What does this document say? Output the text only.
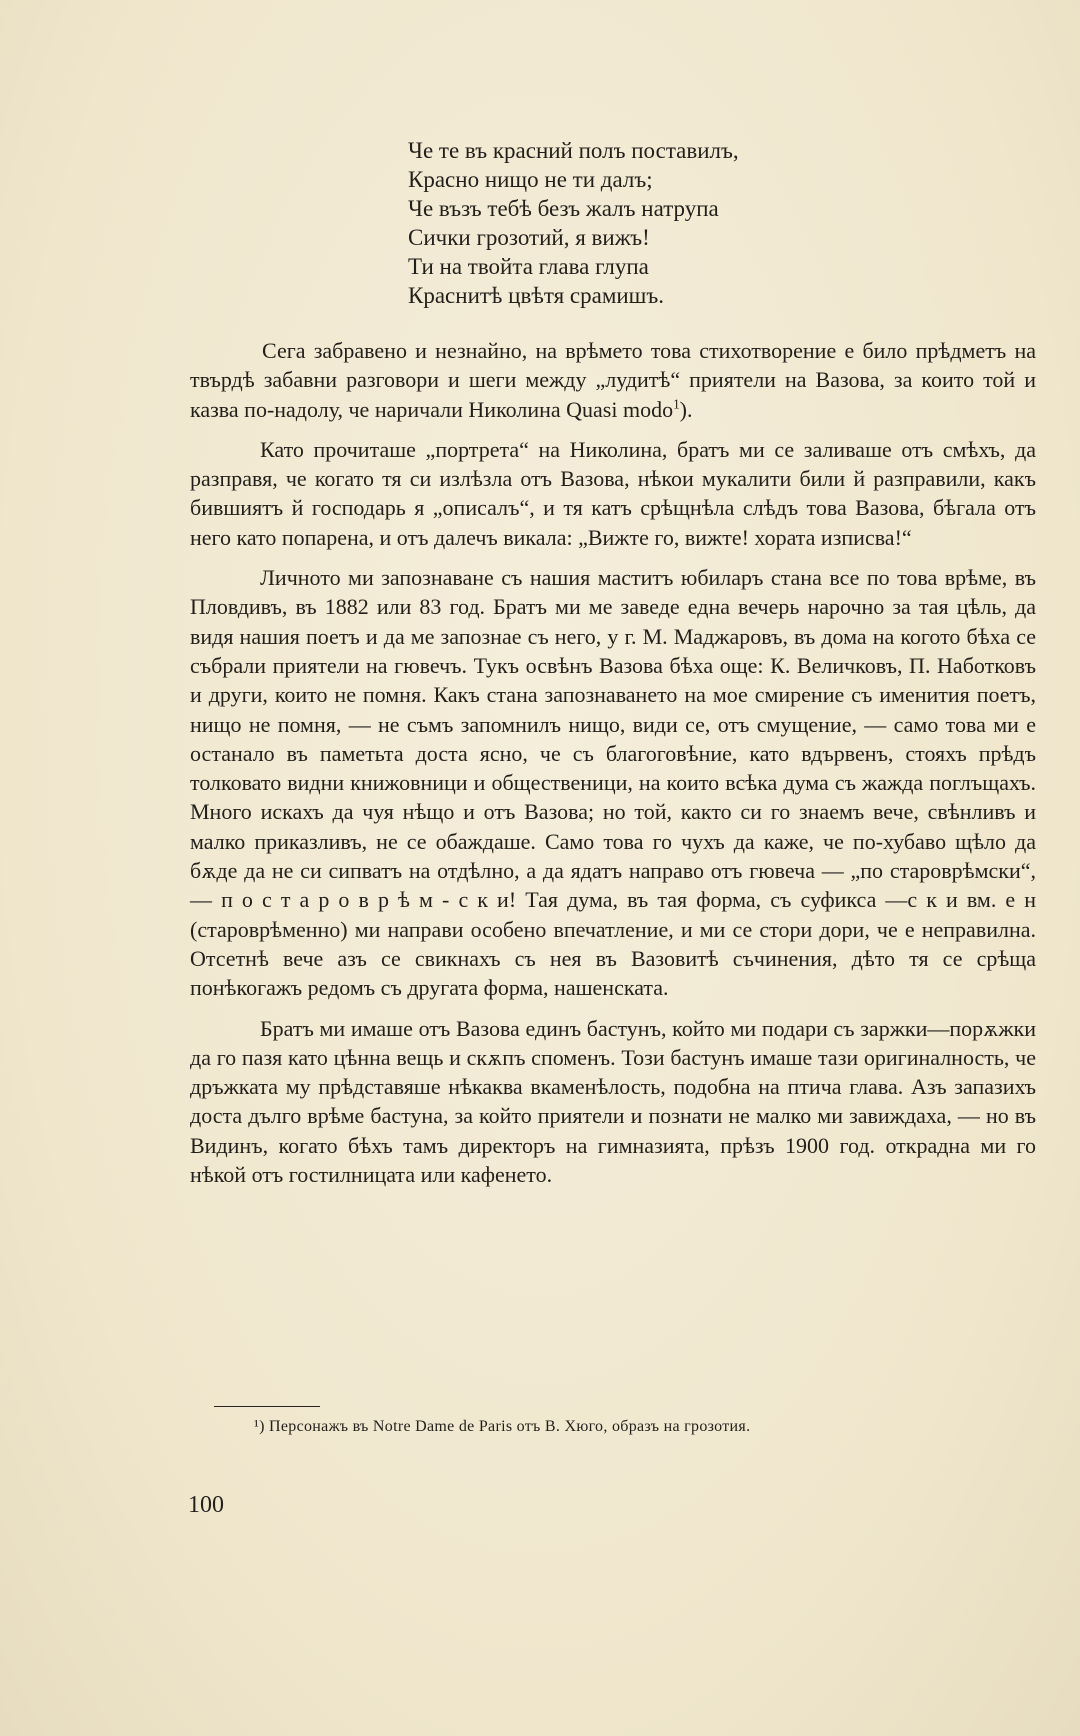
Че те въ красний полъ поставилъ,
Красно нищо не ти далъ;
Че възъ тебѣ безъ жалъ натрупа
Сички грозотий, я вижъ!
Ти на твойта глава глупа
Краснитѣ цвѣтя срамишъ.

Сега забравено и незнайно, на врѣмето това стихотворение е било прѣдметъ на твърдѣ забавни разговори и шеги между „лудитѣ“ приятели на Вазова, за които той и казва по-надолу, че наричали Николина Quasi modo$^1$).

Като прочиташе „портрета“ на Николина, братъ ми се заливаше отъ смѣхъ, да разправя, че когато тя си излѣзла отъ Вазова, нѣкои мукалити били й разправили, какъ бившиятъ й господарь я „описалъ“, и тя катъ срѣщнѣла слѣдъ това Вазова, бѣгала отъ него като попарена, и отъ далечъ викала: „Вижте го, вижте! хората изписва!“

Личното ми запознаване съ нашия маститъ юбиларъ стана все по това врѣме, въ Пловдивъ, въ 1882 или 83 год. Братъ ми ме заведе една вечерь нарочно за тая цѣль, да видя нашия поетъ и да ме запознае съ него, у г. М. Маджаровъ, въ дома на когото бѣха се събрали приятели на гювечъ. Тукъ освѣнъ Вазова бѣха още: К. Величковъ, П. Наботковъ и други, които не помня. Какъ стана запознаването на мое смирение съ именития поетъ, нищо не помня, — не съмъ запомнилъ нищо, види се, отъ смущение, — само това ми е останало въ паметьта доста ясно, че съ благоговѣние, като вдървенъ, стояхъ прѣдъ толковато видни книжовници и общественици, на които всѣка дума съ жажда поглъщахъ. Много искахъ да чуя нѣщо и отъ Вазова; но той, както си го знаемъ вече, свѣнливъ и малко приказливъ, не се обаждаше. Само това го чухъ да каже, че по-хубаво щѣло да бѫде да не си сипватъ на отдѣлно, а да ядатъ направо отъ гювеча — „по староврѣмски“, — п о с т а р о в р ѣ м - с к и! Тая дума, въ тая форма, съ суфикса —с к и вм. е н (староврѣменно) ми направи особено впечатление, и ми се стори дори, че е неправилна. Отсетнѣ вече азъ се свикнахъ съ нея въ Вазовитѣ съчинения, дѣто тя се срѣща понѣкогажъ редомъ съ другата форма, нашенската.

Братъ ми имаше отъ Вазова единъ бастунъ, който ми подари съ заржки—порѫжки да го пазя като цѣнна вещь и скѫпъ споменъ. Този бастунъ имаше тази оригиналность, че дръжката му прѣдставяше нѣкаква вкаменѣлость, подобна на птича глава. Азъ запазихъ доста дълго врѣме бастуна, за който приятели и познати не малко ми завиждаха, — но въ Видинъ, когато бѣхъ тамъ директоръ на гимназията, прѣзъ 1900 год. открадна ми го нѣкой отъ гостилницата или кафенето.

¹) Персонажъ въ Notre Dame de Paris отъ В. Хюго, образъ на грозотия.
100
